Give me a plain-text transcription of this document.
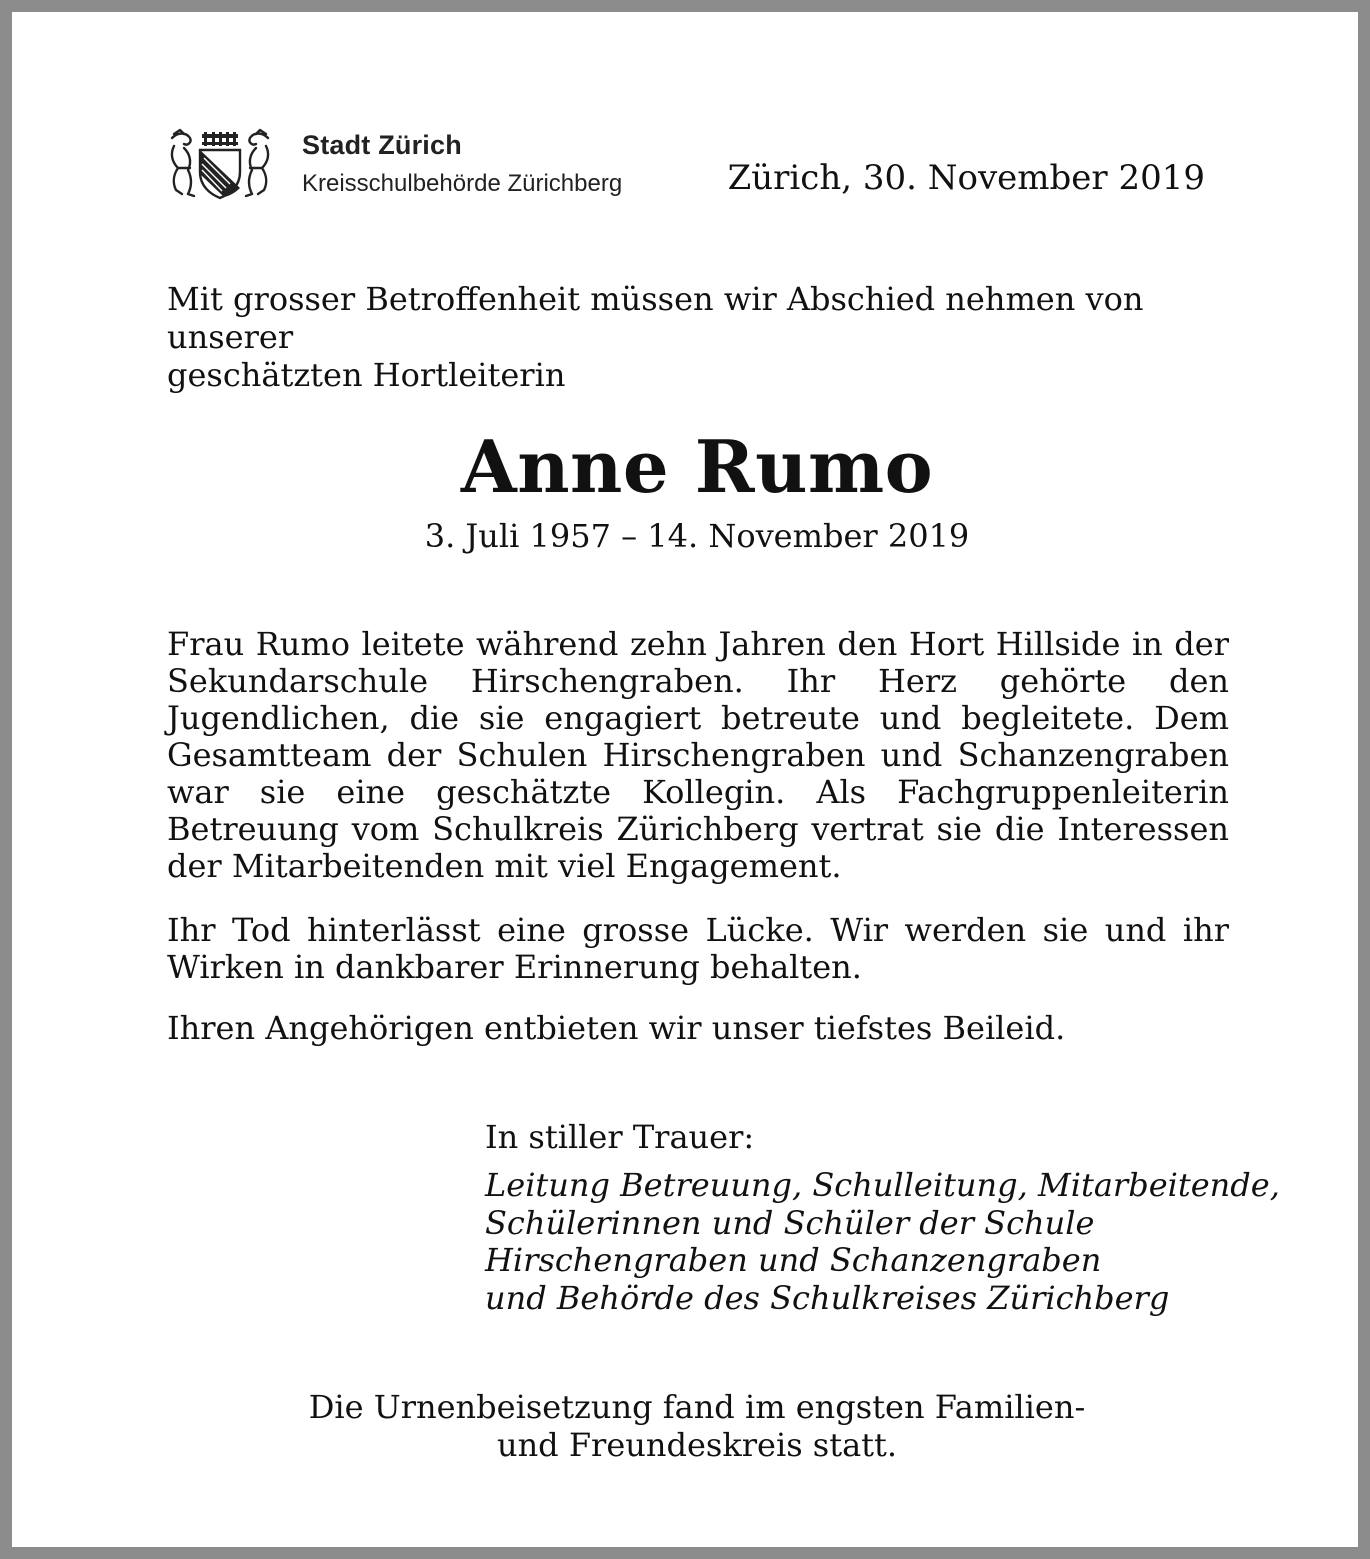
Stadt Zürich
Kreisschulbehörde Zürichberg	Zürich, 30. November 2019
Mit grosser Betroffenheit müssen wir Abschied nehmen von unserer
geschätzten Hortleiterin
Anne Rumo
3. Juli 1957 – 14. November 2019

Frau Rumo leitete während zehn Jahren den Hort Hillside in der Sekundarschule Hirschengraben. Ihr Herz gehörte den Jugendlichen, die sie engagiert betreute und begleitete. Dem Gesamtteam der Schulen Hirschengraben und Schanzengraben war sie eine geschätzte Kollegin. Als Fachgruppenleiterin Betreuung vom Schulkreis Zürichberg vertrat sie die Interessen der Mitarbeitenden mit viel Engagement.

Ihr Tod hinterlässt eine grosse Lücke. Wir werden sie und ihr Wirken in dankbarer Erinnerung behalten.

Ihren Angehörigen entbieten wir unser tiefstes Beileid.

In stiller Trauer:
Leitung Betreuung, Schulleitung, Mitarbeitende,
Schülerinnen und Schüler der Schule
Hirschengraben und Schanzengraben
und Behörde des Schulkreises Zürichberg
Die Urnenbeisetzung fand im engsten Familien-
und Freundeskreis statt.
